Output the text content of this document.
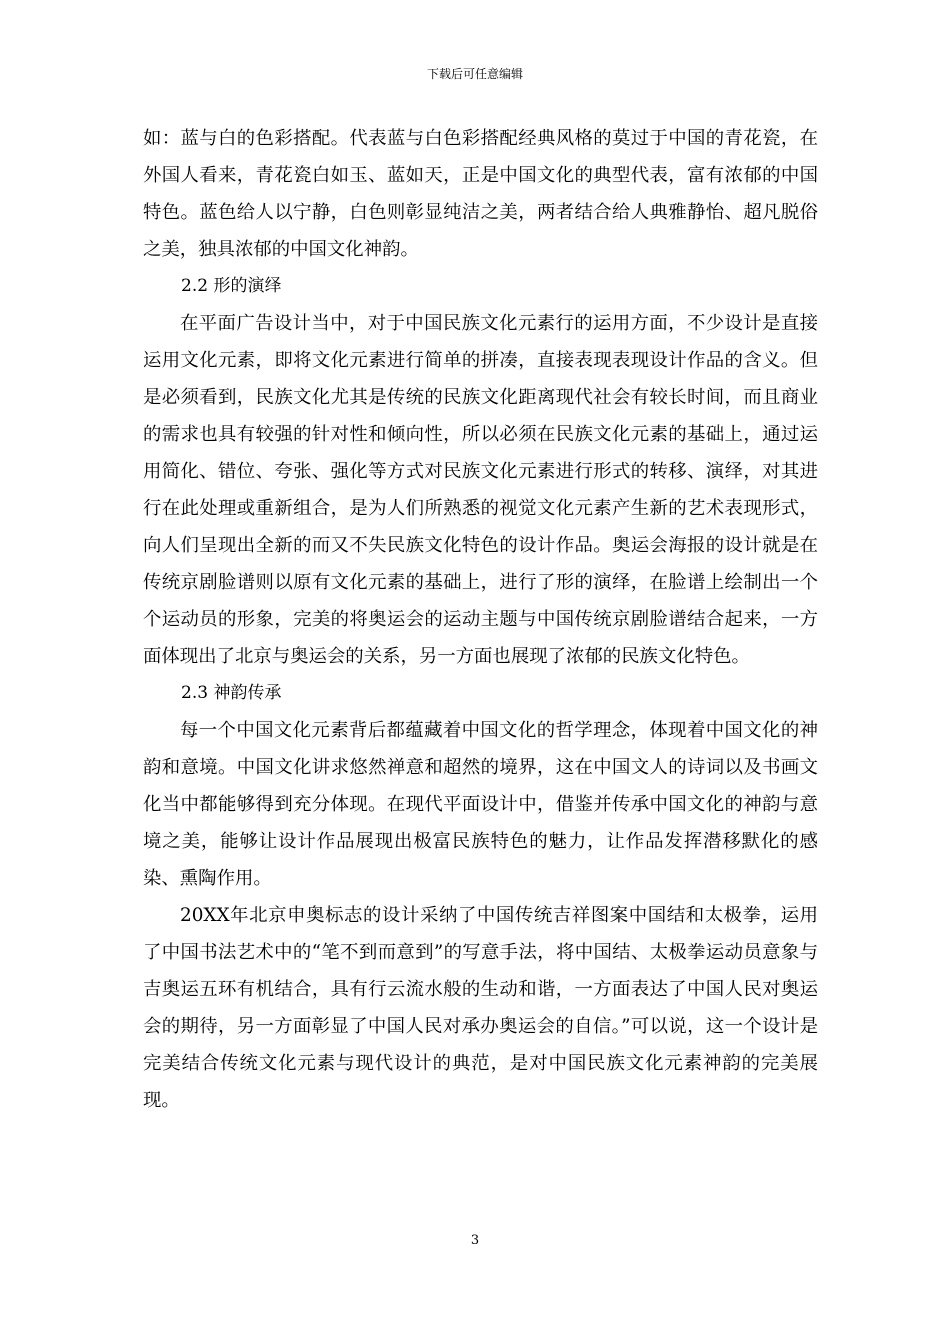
下载后可任意编辑

如：蓝与白的色彩搭配。代表蓝与白色彩搭配经典风格的莫过于中国的青花瓷，在外国人看来，青花瓷白如玉、蓝如天，正是中国文化的典型代表，富有浓郁的中国特色。蓝色给人以宁静，白色则彰显纯洁之美，两者结合给人典雅静怡、超凡脱俗之美，独具浓郁的中国文化神韵。

2.2 形的演绎

在平面广告设计当中，对于中国民族文化元素行的运用方面，不少设计是直接运用文化元素，即将文化元素进行简单的拼凑，直接表现表现设计作品的含义。但是必须看到，民族文化尤其是传统的民族文化距离现代社会有较长时间，而且商业的需求也具有较强的针对性和倾向性，所以必须在民族文化元素的基础上，通过运用简化、错位、夸张、强化等方式对民族文化元素进行形式的转移、演绎，对其进行在此处理或重新组合，是为人们所熟悉的视觉文化元素产生新的艺术表现形式，向人们呈现出全新的而又不失民族文化特色的设计作品。奥运会海报的设计就是在传统京剧脸谱则以原有文化元素的基础上，进行了形的演绎，在脸谱上绘制出一个个运动员的形象，完美的将奥运会的运动主题与中国传统京剧脸谱结合起来，一方面体现出了北京与奥运会的关系，另一方面也展现了浓郁的民族文化特色。

2.3 神韵传承

每一个中国文化元素背后都蕴藏着中国文化的哲学理念，体现着中国文化的神韵和意境。中国文化讲求悠然禅意和超然的境界，这在中国文人的诗词以及书画文化当中都能够得到充分体现。在现代平面设计中，借鉴并传承中国文化的神韵与意境之美，能够让设计作品展现出极富民族特色的魅力，让作品发挥潜移默化的感染、熏陶作用。

20XX年北京申奥标志的设计采纳了中国传统吉祥图案中国结和太极拳，运用了中国书法艺术中的“笔不到而意到”的写意手法，将中国结、太极拳运动员意象与吉奥运五环有机结合，具有行云流水般的生动和谐，一方面表达了中国人民对奥运会的期待，另一方面彰显了中国人民对承办奥运会的自信。”可以说，这一个设计是完美结合传统文化元素与现代设计的典范，是对中国民族文化元素神韵的完美展现。

3
